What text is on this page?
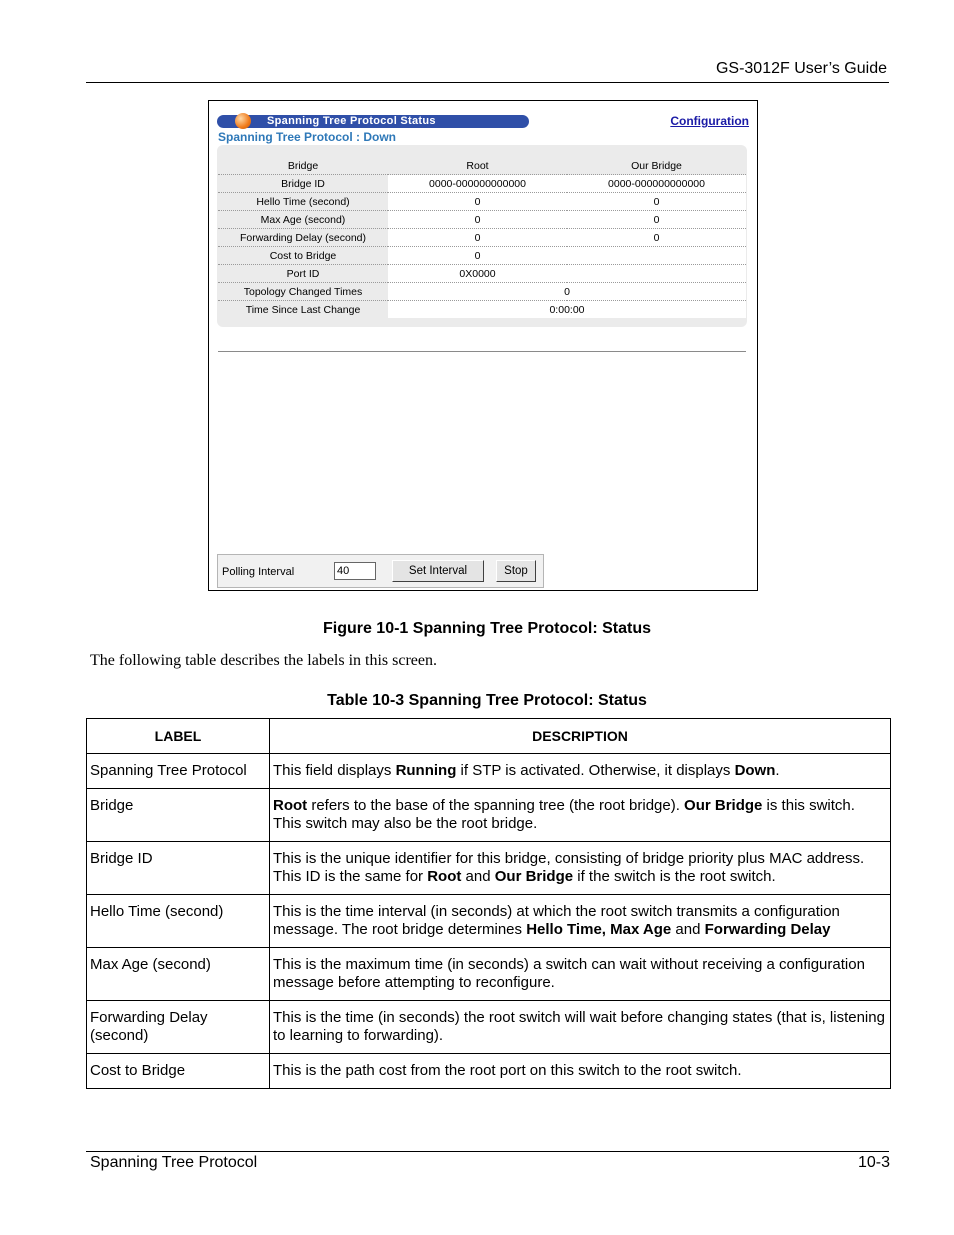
GS-3012F User’s Guide
Spanning Tree Protocol Status	Configuration
Spanning Tree Protocol : Down
Bridge	Root	Our Bridge
Bridge ID	0000-000000000000	0000-000000000000
Hello Time (second)	0	0
Max Age (second)	0	0
Forwarding Delay (second)	0	0
Cost to Bridge	0	
Port ID	0X0000	
Topology Changed Times	0	
Time Since Last Change	0:00:00	
Polling Interval
40	Set Interval	Stop
Figure 10-1 Spanning Tree Protocol: Status
The following table describes the labels in this screen.
Table 10-3 Spanning Tree Protocol: Status
LABEL	DESCRIPTION
Spanning Tree Protocol	This field displays Running if STP is activated. Otherwise, it displays Down.
Bridge	Root refers to the base of the spanning tree (the root bridge). Our Bridge is this switch. This switch may also be the root bridge.
Bridge ID	This is the unique identifier for this bridge, consisting of bridge priority plus MAC address. This ID is the same for Root and Our Bridge if the switch is the root switch.
Hello Time (second)	This is the time interval (in seconds) at which the root switch transmits a configuration message. The root bridge determines Hello Time, Max Age and Forwarding Delay
Max Age (second)	This is the maximum time (in seconds) a switch can wait without receiving a configuration message before attempting to reconfigure.
Forwarding Delay (second)	This is the time (in seconds) the root switch will wait before changing states (that is, listening to learning to forwarding).
Cost to Bridge	This is the path cost from the root port on this switch to the root switch.
Spanning Tree Protocol	10-3
